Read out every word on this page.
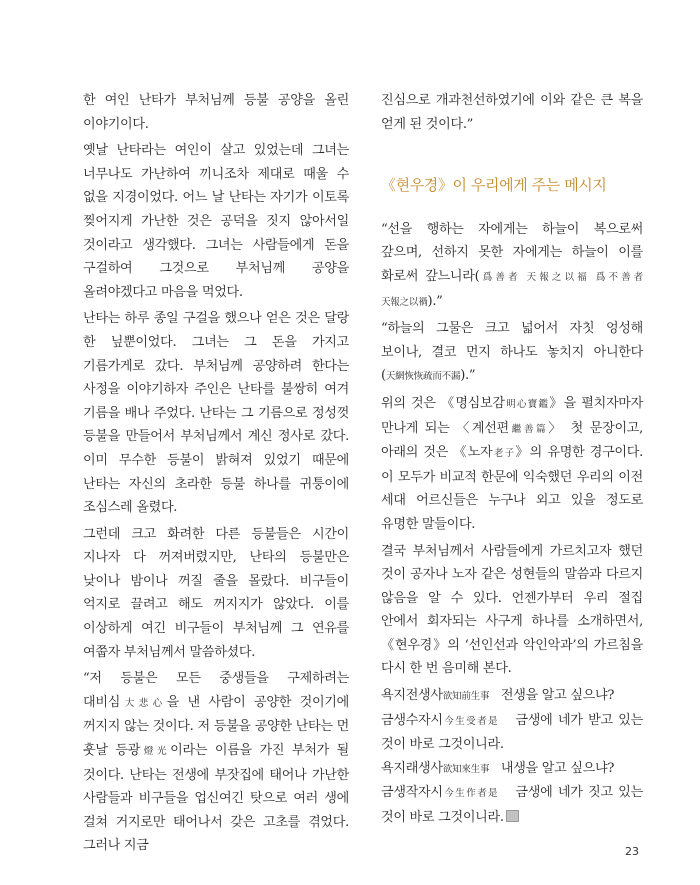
한 여인 난타가 부처님께 등불 공양을 올린 이야기이다.

옛날 난타라는 여인이 살고 있었는데 그녀는 너무나도 가난하여 끼니조차 제대로 때울 수 없을 지경이었다. 어느 날 난타는 자기가 이토록 찢어지게 가난한 것은 공덕을 짓지 않아서일 것이라고 생각했다. 그녀는 사람들에게 돈을 구걸하여 그것으로 부처님께 공양을 올려야겠다고 마음을 먹었다.

난타는 하루 종일 구걸을 했으나 얻은 것은 달랑 한 닢뿐이었다. 그녀는 그 돈을 가지고 기름가게로 갔다. 부처님께 공양하려 한다는 사정을 이야기하자 주인은 난타를 불쌍히 여겨 기름을 배나 주었다. 난타는 그 기름으로 정성껏 등불을 만들어서 부처님께서 계신 정사로 갔다. 이미 무수한 등불이 밝혀져 있었기 때문에 난타는 자신의 초라한 등불 하나를 귀퉁이에 조심스레 올렸다.

그런데 크고 화려한 다른 등불들은 시간이 지나자 다 꺼져버렸지만, 난타의 등불만은 낮이나 밤이나 꺼질 줄을 몰랐다. 비구들이 억지로 끌려고 해도 꺼지지가 않았다. 이를 이상하게 여긴 비구들이 부처님께 그 연유를 여쭙자 부처님께서 말씀하셨다.

“저 등불은 모든 중생들을 구제하려는 대비심大悲心을 낸 사람이 공양한 것이기에 꺼지지 않는 것이다. 저 등불을 공양한 난타는 먼 훗날 등광燈光이라는 이름을 가진 부처가 될 것이다. 난타는 전생에 부잣집에 태어나 가난한 사람들과 비구들을 업신여긴 탓으로 여러 생에 걸쳐 거지로만 태어나서 갖은 고초를 겪었다. 그러나 지금

진심으로 개과천선하였기에 이와 같은 큰 복을 얻게 된 것이다.”

《현우경》이 우리에게 주는 메시지

“선을 행하는 자에게는 하늘이 복으로써 갚으며, 선하지 못한 자에게는 하늘이 이를 화로써 갚느니라(爲善者 天報之以福 爲不善者 天報之以禍).”

“하늘의 그물은 크고 넓어서 자칫 엉성해 보이나, 결코 먼지 하나도 놓치지 아니한다(天網恢恢疏而不漏).”

위의 것은 《명심보감明心寶鑑》을 펼치자마자 만나게 되는 〈계선편繼善篇〉 첫 문장이고, 아래의 것은 《노자老子》의 유명한 경구이다. 이 모두가 비교적 한문에 익숙했던 우리의 이전 세대 어르신들은 누구나 외고 있을 정도로 유명한 말들이다.

결국 부처님께서 사람들에게 가르치고자 했던 것이 공자나 노자 같은 성현들의 말씀과 다르지 않음을 알 수 있다. 언젠가부터 우리 절집 안에서 회자되는 사구게 하나를 소개하면서, 《현우경》의 ‘선인선과 악인악과’의 가르침을 다시 한 번 음미해 본다.

욕지전생사欲知前生事 전생을 알고 싶으냐?

금생수자시今生受者是 금생에 네가 받고 있는 것이 바로 그것이니라.

욕지래생사欲知來生事 내생을 알고 싶으냐?

금생작자시今生作者是 금생에 네가 짓고 있는 것이 바로 그것이니라.

23
